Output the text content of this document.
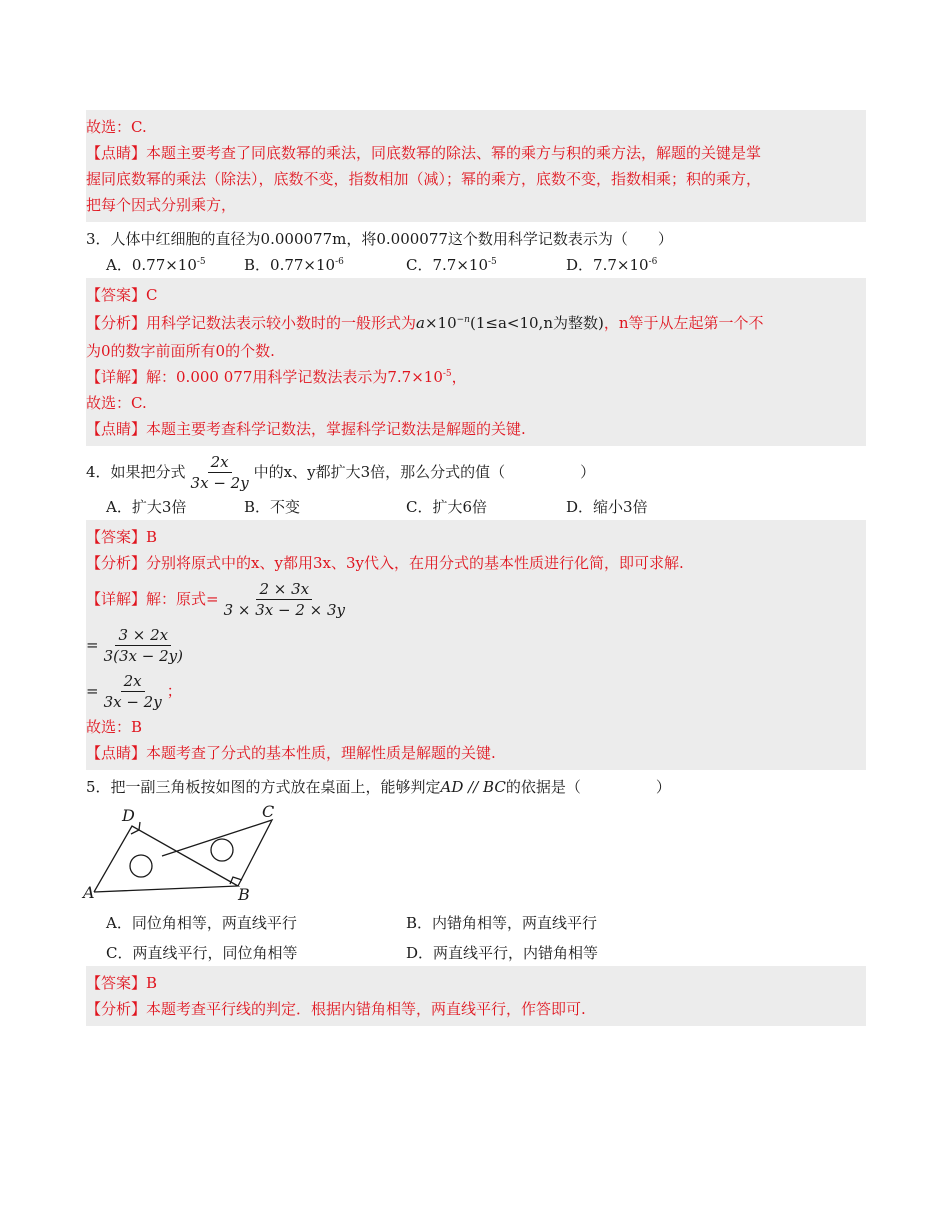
故选：C.
【点睛】本题主要考查了同底数幂的乘法，同底数幂的除法、幂的乘方与积的乘方法，解题的关键是掌
握同底数幂的乘法（除法），底数不变，指数相加（减）；幂的乘方，底数不变，指数相乘；积的乘方，
把每个因式分别乘方，
3．人体中红细胞的直径为0.000077m，将0.000077这个数用科学记数表示为（　　）
A．$0.77\times 10^{-5}$	B．$0.77\times 10^{-6}$	C．$7.7\times 10^{-5}$	D．$7.7\times 10^{-6}$
【答案】C
【分析】用科学记数法表示较小数时的一般形式为$a\times 10^{-n}(1\le a<10,n$为整数)，n等于从左起第一个不
为0的数字前面所有0的个数.
【详解】解：0.000 077用科学记数法表示为$7.7\times 10^{-5}$，
故选：C.
【点睛】本题主要考查科学记数法，掌握科学记数法是解题的关键.
4．如果把分式 $\frac{2x}{3x - 2y}$ 中的x、y都扩大3倍，那么分式的值（　　　　　）
A．扩大3倍	B．不变	C．扩大6倍	D．缩小3倍
【答案】B
【分析】分别将原式中的x、y都用3x、3y代入，在用分式的基本性质进行化简，即可求解.
【详解】 解：原式= $\frac{2 \times 3x}{3 \times 3x - 2 \times 3y}$
= $\frac{3 \times 2x}{3(3x - 2y)}$
= $\frac{2x}{3x - 2y}$ ；
故选：B
【点睛】本题考查了分式的基本性质，理解性质是解题的关键.
5．把一副三角板按如图的方式放在桌面上，能够判定AD // BC的依据是（　　　　　）
D	C
A	B
A．同位角相等，两直线平行	B．内错角相等，两直线平行
C．两直线平行，同位角相等	D．两直线平行，内错角相等
【答案】B
【分析】本题考查平行线的判定．根据内错角相等，两直线平行，作答即可.
